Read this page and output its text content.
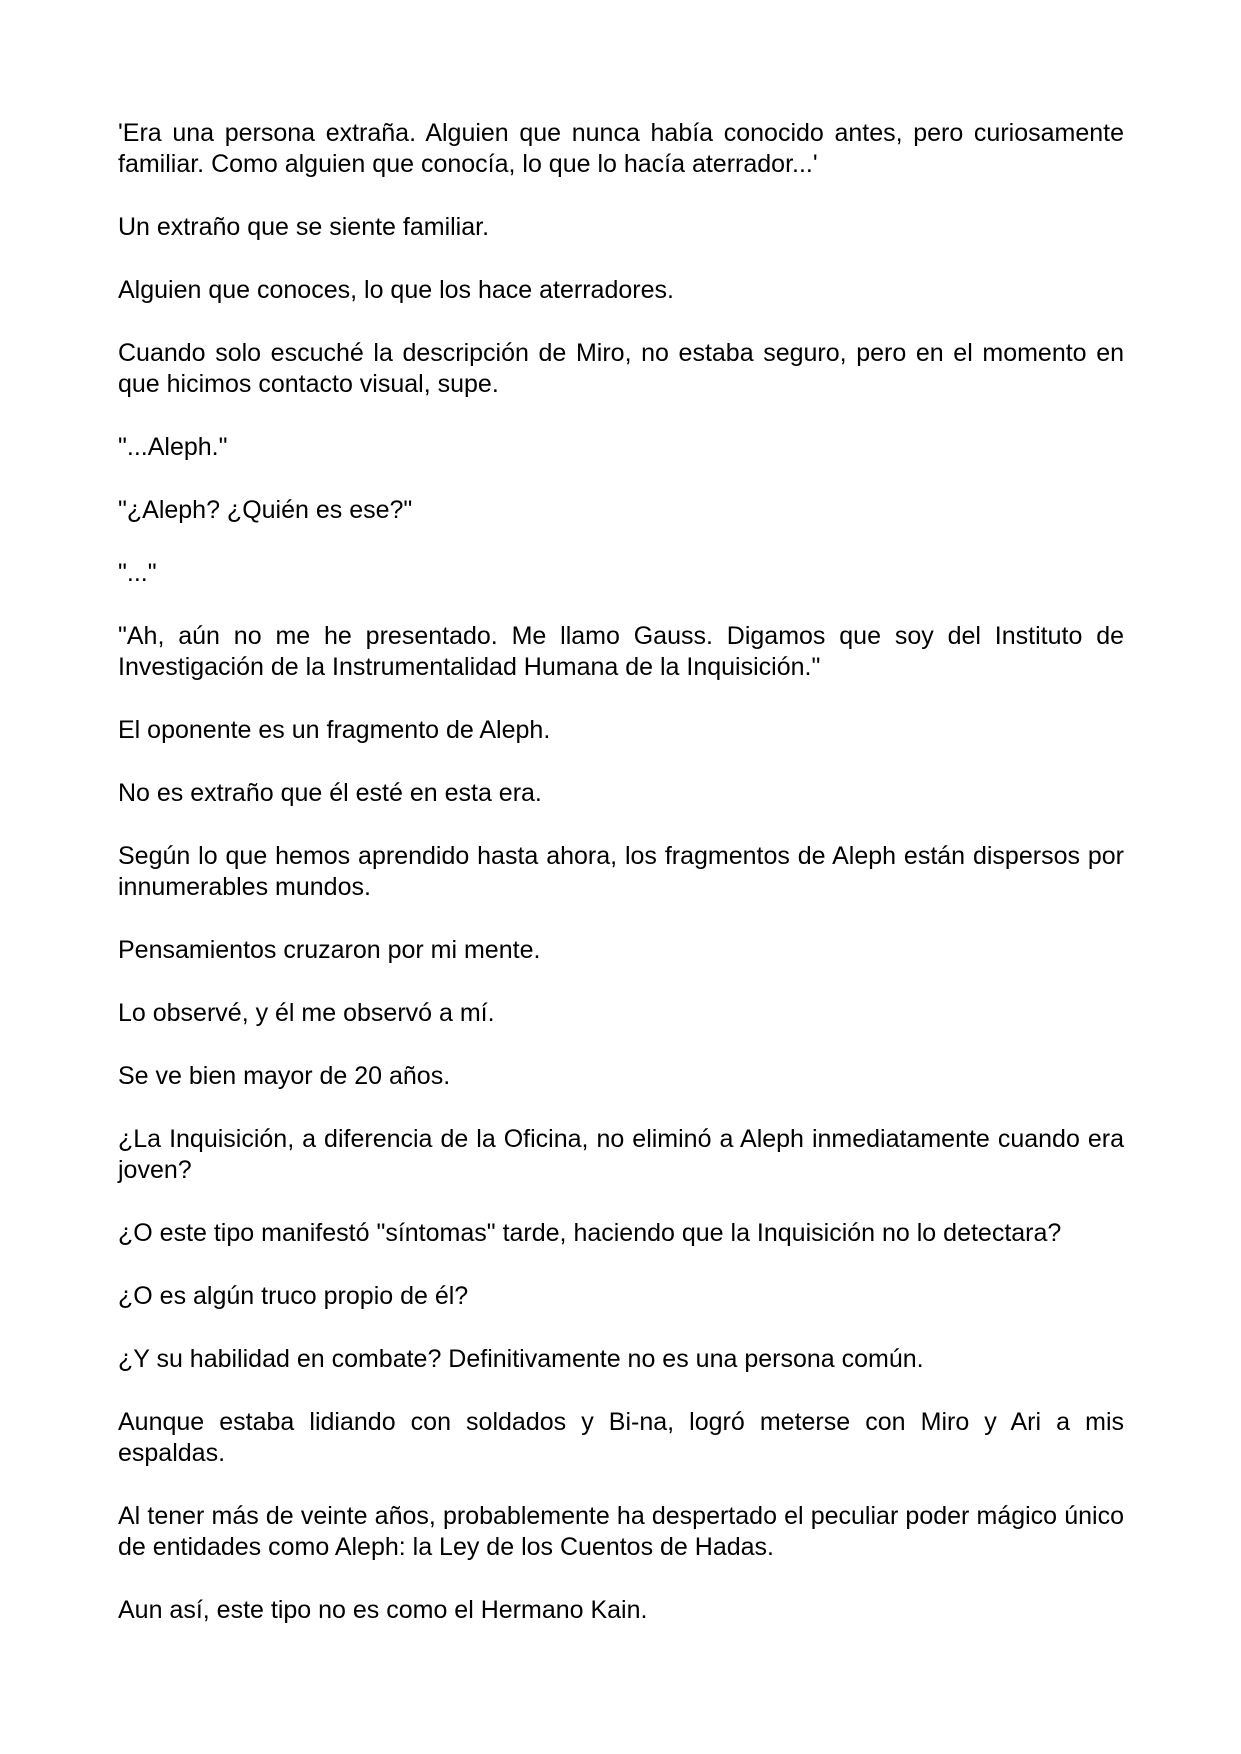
'Era una persona extraña. Alguien que nunca había conocido antes, pero curiosamente familiar. Como alguien que conocía, lo que lo hacía aterrador...'

Un extraño que se siente familiar.

Alguien que conoces, lo que los hace aterradores.

Cuando solo escuché la descripción de Miro, no estaba seguro, pero en el momento en que hicimos contacto visual, supe.

"...Aleph."

"¿Aleph? ¿Quién es ese?"

"..."

"Ah, aún no me he presentado. Me llamo Gauss. Digamos que soy del Instituto de Investigación de la Instrumentalidad Humana de la Inquisición."

El oponente es un fragmento de Aleph.

No es extraño que él esté en esta era.

Según lo que hemos aprendido hasta ahora, los fragmentos de Aleph están dispersos por innumerables mundos.

Pensamientos cruzaron por mi mente.

Lo observé, y él me observó a mí.

Se ve bien mayor de 20 años.

¿La Inquisición, a diferencia de la Oficina, no eliminó a Aleph inmediatamente cuando era joven?

¿O este tipo manifestó "síntomas" tarde, haciendo que la Inquisición no lo detectara?

¿O es algún truco propio de él?

¿Y su habilidad en combate? Definitivamente no es una persona común.

Aunque estaba lidiando con soldados y Bi-na, logró meterse con Miro y Ari a mis espaldas.

Al tener más de veinte años, probablemente ha despertado el peculiar poder mágico único de entidades como Aleph: la Ley de los Cuentos de Hadas.

Aun así, este tipo no es como el Hermano Kain.
